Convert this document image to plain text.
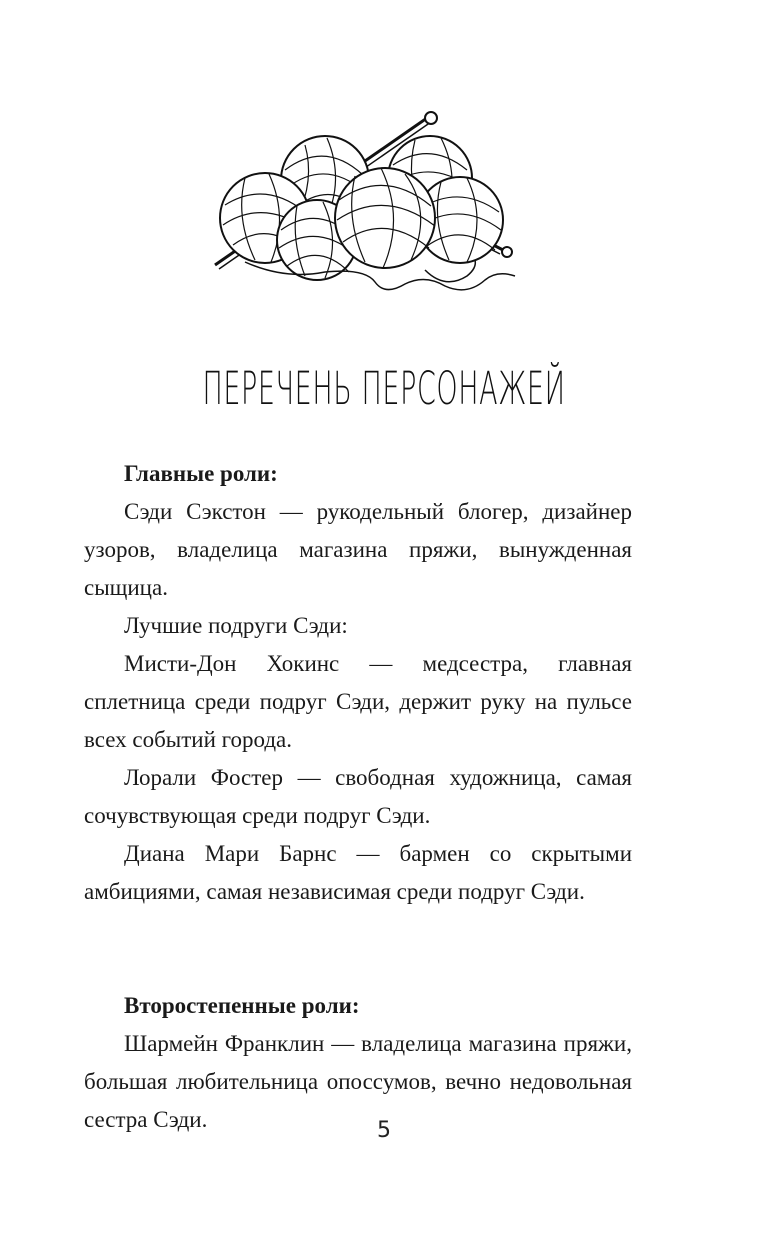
ПЕРЕЧЕНЬ ПЕРСОНАЖЕЙ

Главные роли:

Сэди Сэкстон — рукодельный блогер, дизайнер узоров, владелица магазина пряжи, вынужденная сыщица.

Лучшие подруги Сэди:

Мисти-Дон Хокинс — медсестра, главная сплетница среди подруг Сэди, держит руку на пульсе всех событий города.

Лорали Фостер — свободная художница, самая сочувствующая среди подруг Сэди.

Диана Мари Барнс — бармен со скрытыми амбициями, самая независимая среди подруг Сэди.

Второстепенные роли:

Шармейн Франклин — владелица магазина пряжи, большая любительница опоссумов, вечно недовольная сестра Сэди.	5
